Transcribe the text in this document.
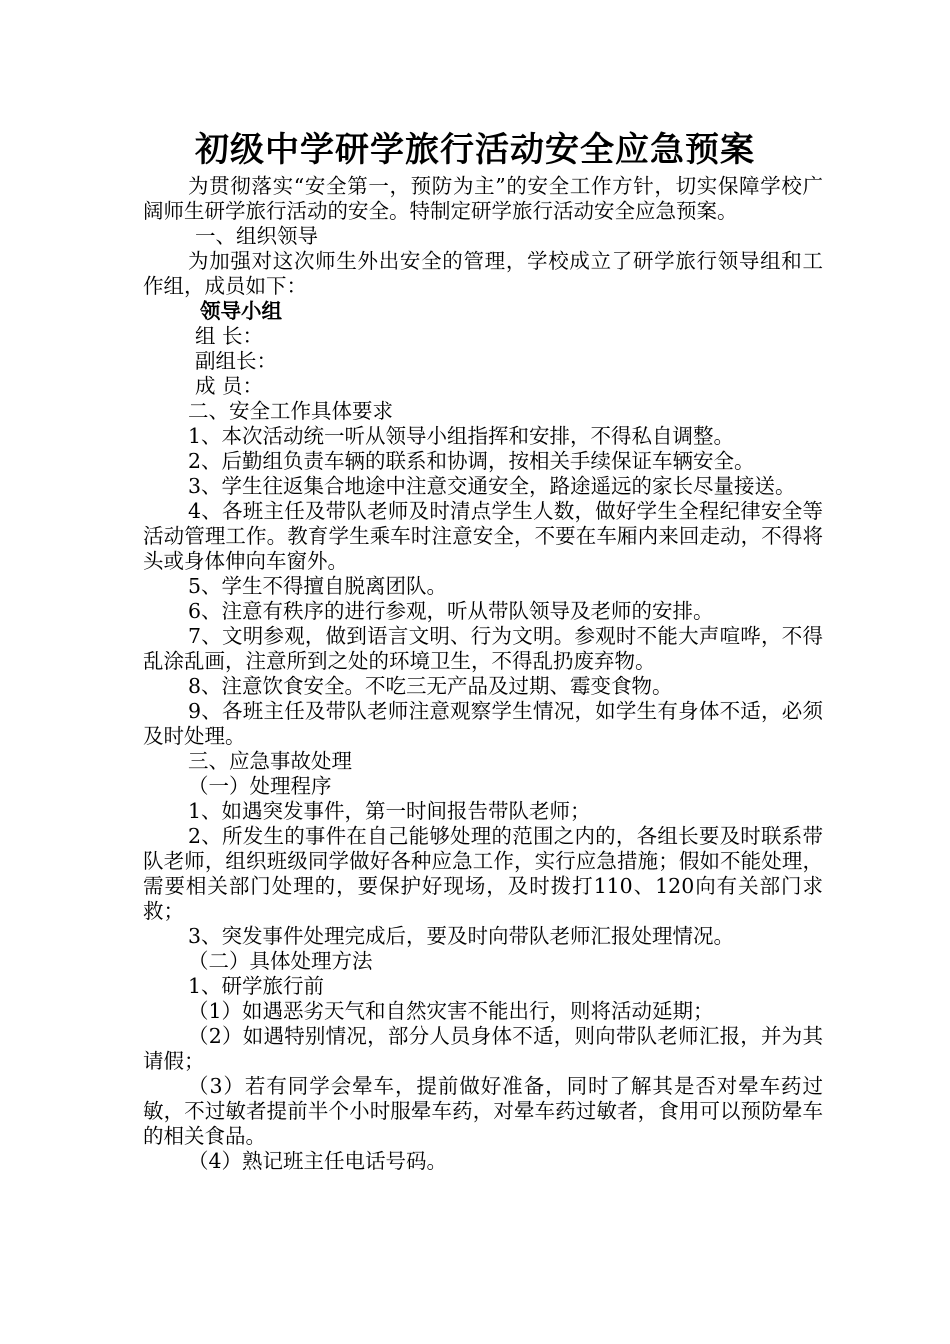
初级中学研学旅行活动安全应急预案

为贯彻落实“安全第一，预防为主”的安全工作方针，切实保障学校广阔师生研学旅行活动的安全。特制定研学旅行活动安全应急预案。

一、组织领导

为加强对这次师生外出安全的管理，学校成立了研学旅行领导组和工作组，成员如下：

领导小组

组 长：

副组长：

成 员：

二、安全工作具体要求

1、本次活动统一听从领导小组指挥和安排，不得私自调整。

2、后勤组负责车辆的联系和协调，按相关手续保证车辆安全。

3、学生往返集合地途中注意交通安全，路途遥远的家长尽量接送。

4、各班主任及带队老师及时清点学生人数，做好学生全程纪律安全等活动管理工作。教育学生乘车时注意安全，不要在车厢内来回走动，不得将头或身体伸向车窗外。

5、学生不得擅自脱离团队。

6、注意有秩序的进行参观，听从带队领导及老师的安排。

7、文明参观，做到语言文明、行为文明。参观时不能大声喧哗，不得乱涂乱画，注意所到之处的环境卫生，不得乱扔废弃物。

8、注意饮食安全。不吃三无产品及过期、霉变食物。

9、各班主任及带队老师注意观察学生情况，如学生有身体不适，必须及时处理。

三、应急事故处理

（一）处理程序

1、如遇突发事件，第一时间报告带队老师；

2、所发生的事件在自己能够处理的范围之内的，各组长要及时联系带队老师，组织班级同学做好各种应急工作，实行应急措施；假如不能处理，需要相关部门处理的，要保护好现场，及时拨打110、120向有关部门求救；

3、突发事件处理完成后，要及时向带队老师汇报处理情况。

（二）具体处理方法

1、研学旅行前

（1）如遇恶劣天气和自然灾害不能出行，则将活动延期；

（2）如遇特别情况，部分人员身体不适，则向带队老师汇报，并为其请假；

（3）若有同学会晕车，提前做好准备，同时了解其是否对晕车药过敏，不过敏者提前半个小时服晕车药，对晕车药过敏者，食用可以预防晕车的相关食品。

（4）熟记班主任电话号码。
